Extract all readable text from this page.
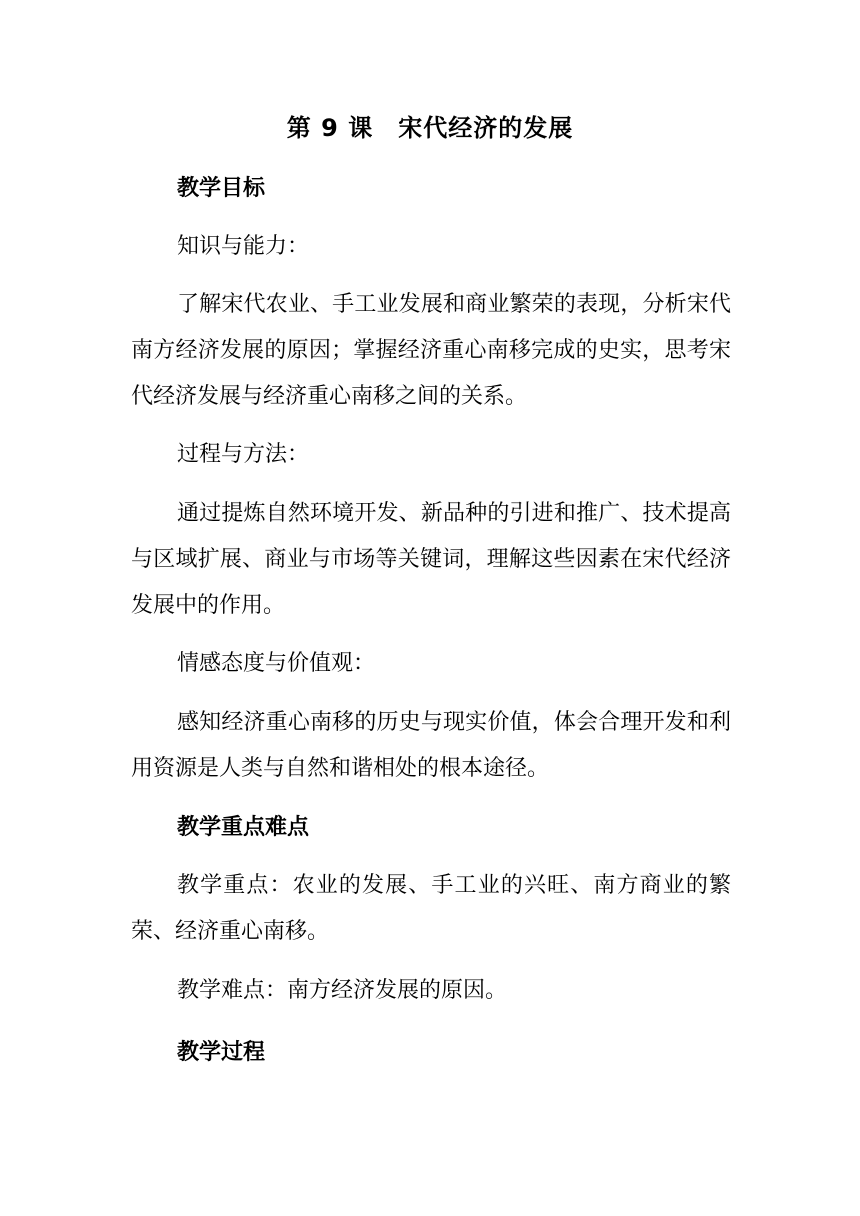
第 9 课　宋代经济的发展
教学目标
知识与能力：
了解宋代农业、手工业发展和商业繁荣的表现，分析宋代南方经济发展的原因；掌握经济重心南移完成的史实，思考宋代经济发展与经济重心南移之间的关系。
过程与方法：
通过提炼自然环境开发、新品种的引进和推广、技术提高与区域扩展、商业与市场等关键词，理解这些因素在宋代经济发展中的作用。
情感态度与价值观：
感知经济重心南移的历史与现实价值，体会合理开发和利用资源是人类与自然和谐相处的根本途径。
教学重点难点
教学重点：农业的发展、手工业的兴旺、南方商业的繁荣、经济重心南移。
教学难点：南方经济发展的原因。
教学过程
